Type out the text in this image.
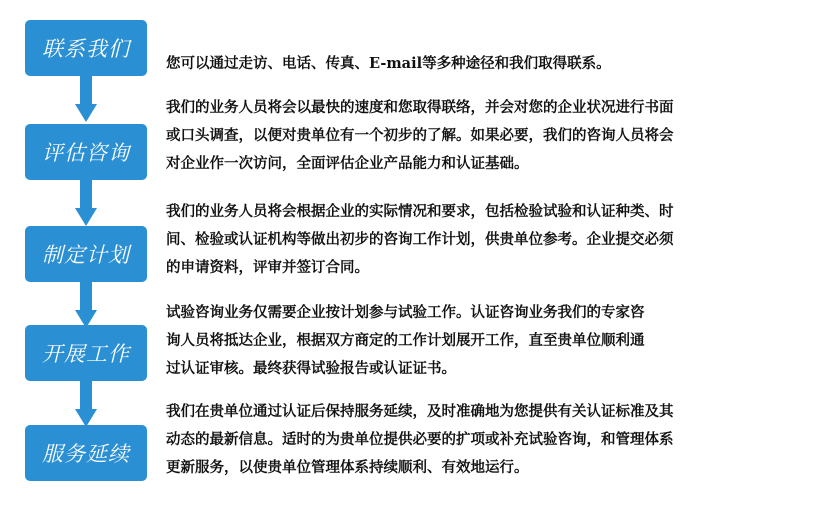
联系我们
评估咨询
制定计划
开展工作
服务延续

您可以通过走访、电话、传真、E-mail等多种途径和我们取得联系。

我们的业务人员将会以最快的速度和您取得联络，并会对您的企业状况进行书面

或口头调查，以便对贵单位有一个初步的了解。如果必要，我们的咨询人员将会

对企业作一次访问，全面评估企业产品能力和认证基础。

我们的业务人员将会根据企业的实际情况和要求，包括检验试验和认证种类、时

间、检验或认证机构等做出初步的咨询工作计划，供贵单位参考。企业提交必须

的申请资料，评审并签订合同。

试验咨询业务仅需要企业按计划参与试验工作。认证咨询业务我们的专家咨

询人员将抵达企业，根据双方商定的工作计划展开工作，直至贵单位顺利通

过认证审核。最终获得试验报告或认证证书。

我们在贵单位通过认证后保持服务延续，及时准确地为您提供有关认证标准及其

动态的最新信息。适时的为贵单位提供必要的扩项或补充试验咨询，和管理体系

更新服务，以使贵单位管理体系持续顺利、有效地运行。
